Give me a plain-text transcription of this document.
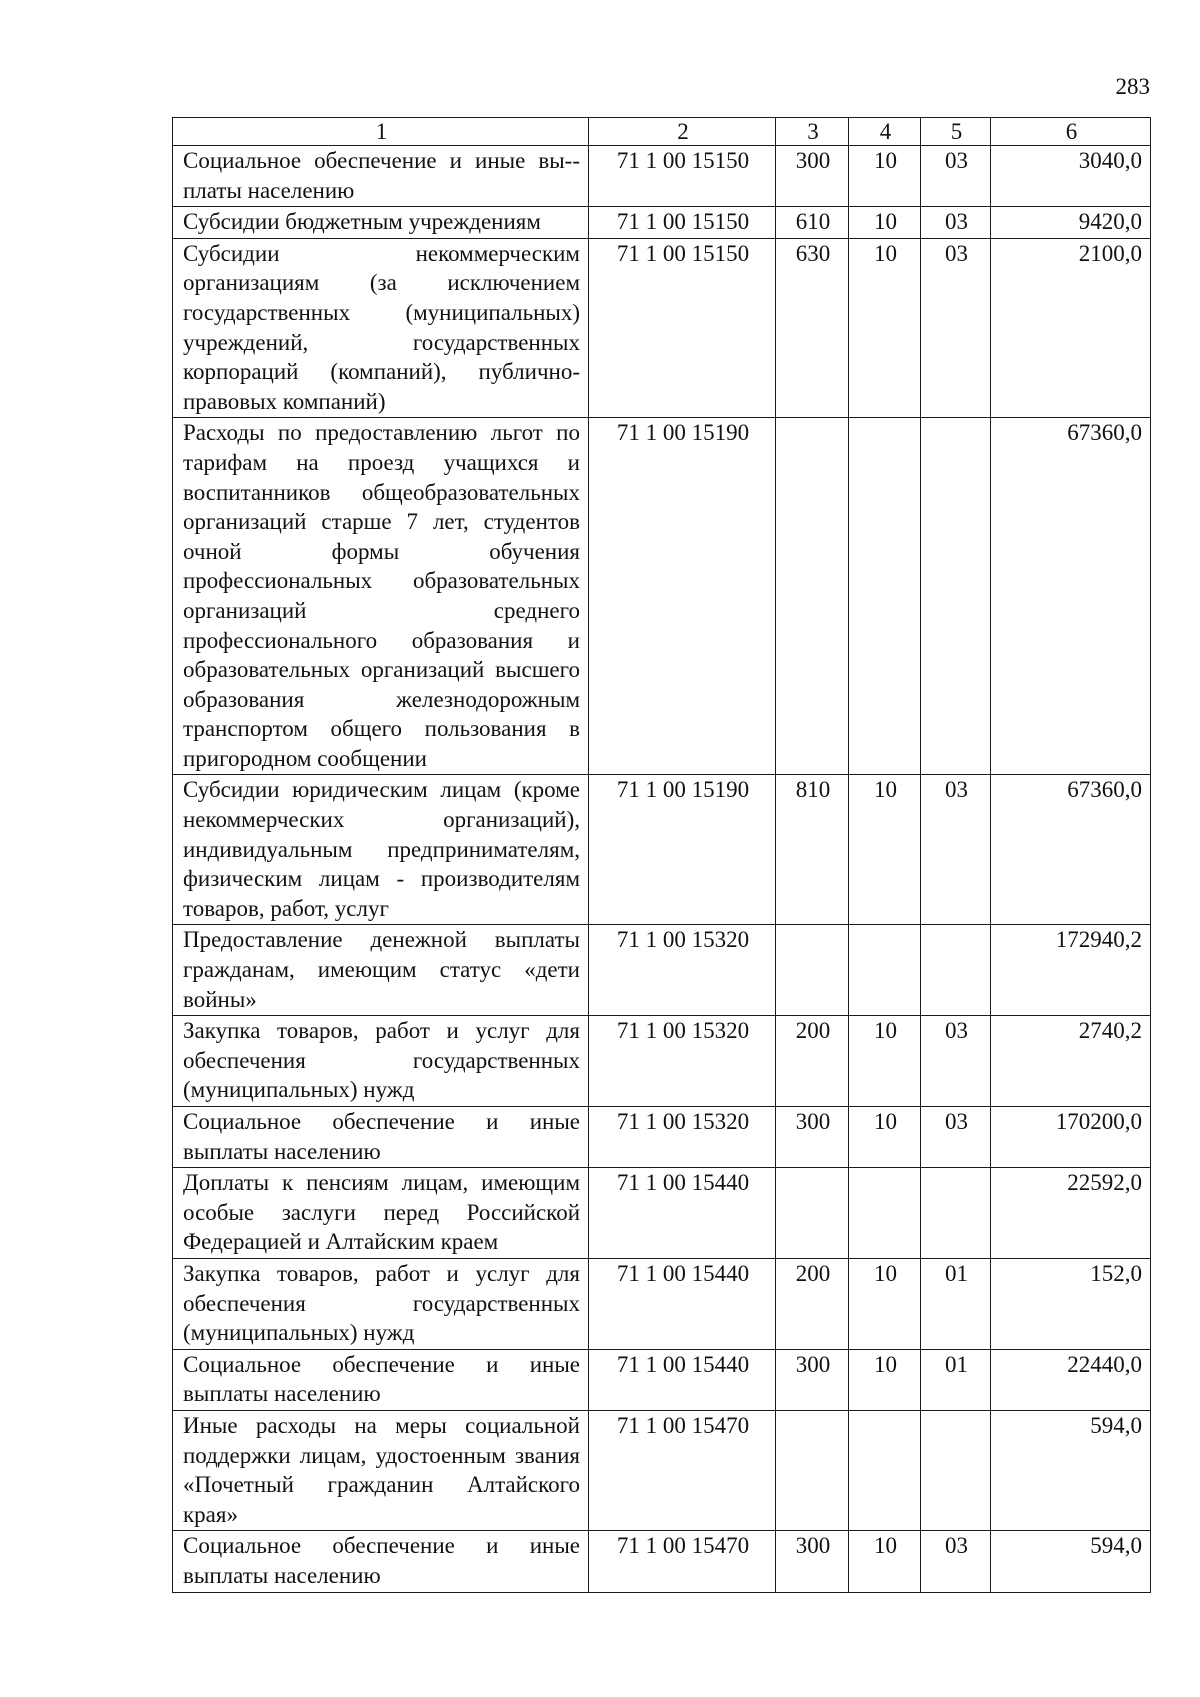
283
1	2	3	4	5	6
Социальное обеспечение и иные вы-платы населению	71 1 00 15150	300	10	03	3040,0
Субсидии бюджетным учреждениям	71 1 00 15150	610	10	03	9420,0
Субсидии некоммерческим организациям (за исключением государственных (муниципальных) учреждений, государственных корпораций (компаний), публично-правовых компаний)	71 1 00 15150	630	10	03	2100,0
Расходы по предоставлению льгот по тарифам на проезд учащихся и воспитанников общеобразовательных организаций старше 7 лет, студентов очной формы обучения профессиональных образовательных организаций среднего профессионального образования и образовательных организаций высшего образования железнодорожным транспортом общего пользования в пригородном сообщении	71 1 00 15190				67360,0
Субсидии юридическим лицам (кроме некоммерческих организаций), индивидуальным предпринимателям, физическим лицам - производителям товаров, работ, услуг	71 1 00 15190	810	10	03	67360,0
Предоставление денежной выплаты гражданам, имеющим статус «дети войны»	71 1 00 15320				172940,2
Закупка товаров, работ и услуг для обеспечения государственных (муниципальных) нужд	71 1 00 15320	200	10	03	2740,2
Социальное обеспечение и иные выплаты населению	71 1 00 15320	300	10	03	170200,0
Доплаты к пенсиям лицам, имеющим особые заслуги перед Российской Федерацией и Алтайским краем	71 1 00 15440				22592,0
Закупка товаров, работ и услуг для обеспечения государственных (муниципальных) нужд	71 1 00 15440	200	10	01	152,0
Социальное обеспечение и иные выплаты населению	71 1 00 15440	300	10	01	22440,0
Иные расходы на меры социальной поддержки лицам, удостоенным звания «Почетный гражданин Алтайского края»	71 1 00 15470				594,0
Социальное обеспечение и иные выплаты населению	71 1 00 15470	300	10	03	594,0
